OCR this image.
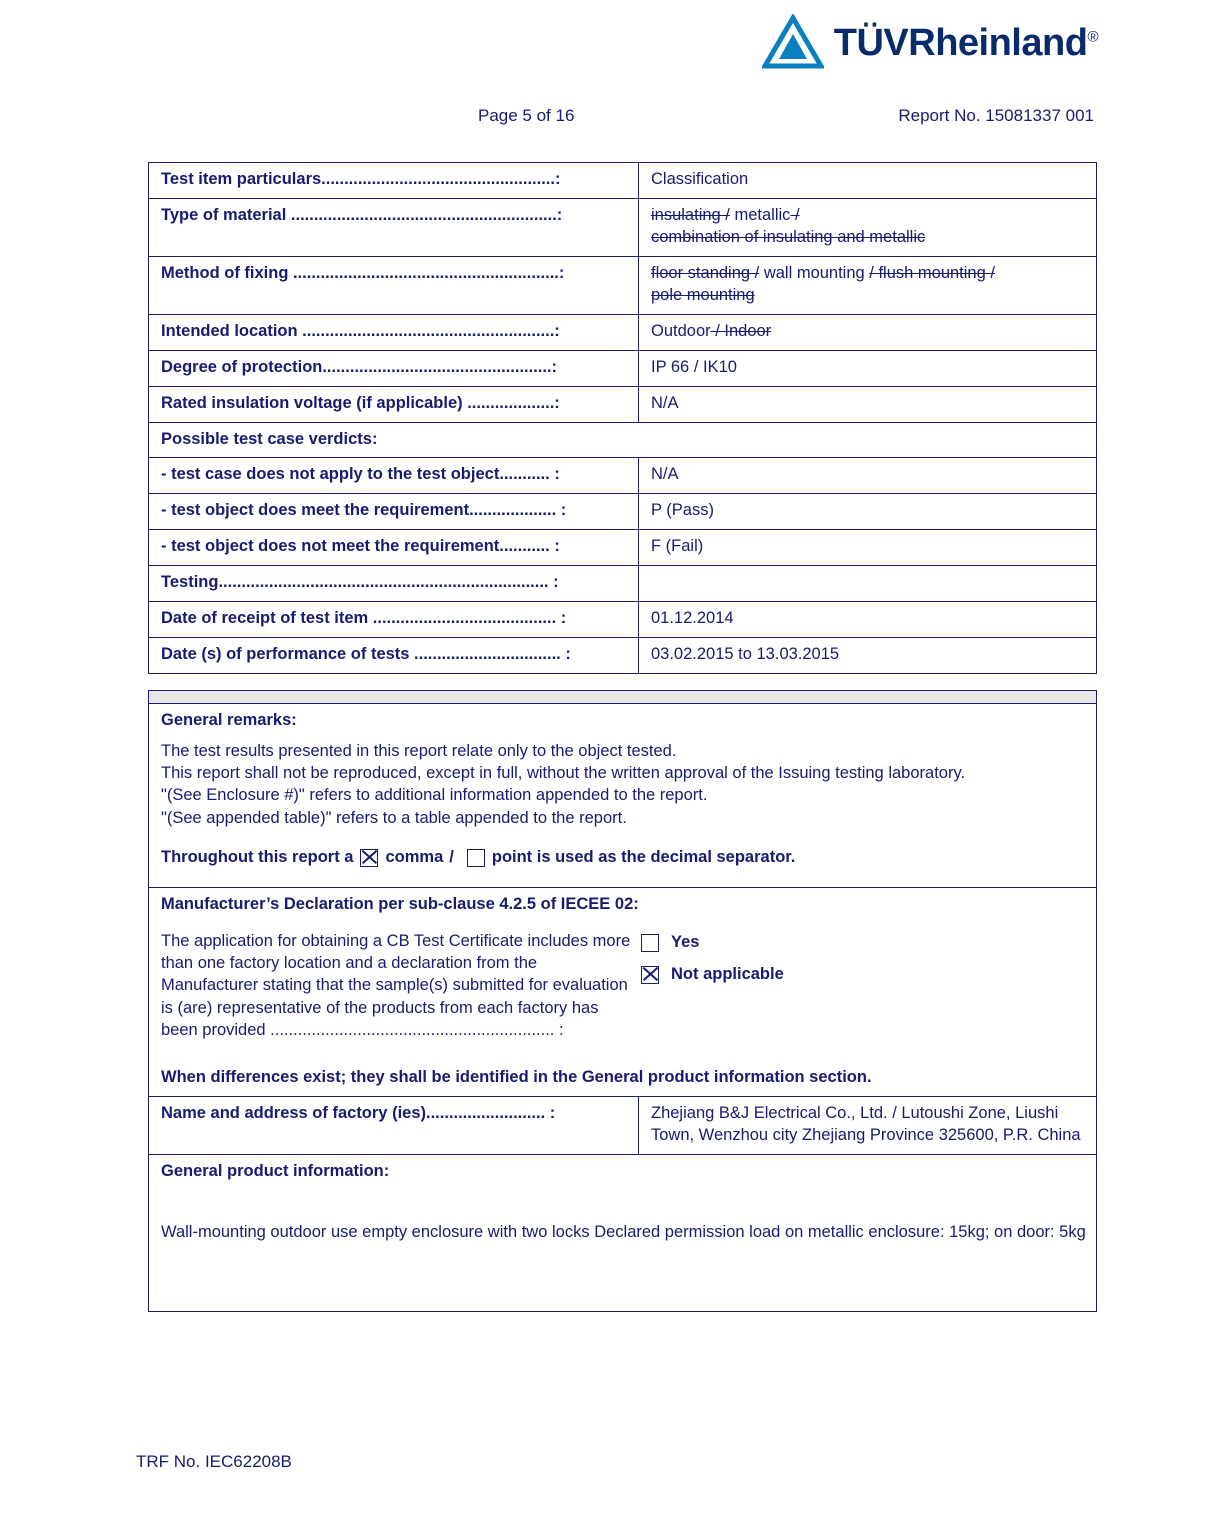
TÜVRheinland®
Page 5 of 16	Report No. 15081337 001
Test item particulars...................................................:	Classification
Type of material ..........................................................:	insulating / metallic /
combination of insulating and metallic
Method of fixing ..........................................................:	floor standing / wall mounting / flush mounting /
pole mounting
Intended location .......................................................:	Outdoor / Indoor
Degree of protection..................................................:	IP 66 / IK10
Rated insulation voltage (if applicable) ...................:	N/A
Possible test case verdicts:	
- test case does not apply to the test object........... :	N/A
- test object does meet the requirement................... :	P (Pass)
- test object does not meet the requirement........... :	F (Fail)
Testing........................................................................ :	
Date of receipt of test item ........................................ :	01.12.2014
Date (s) of performance of tests ................................ :	03.02.2015 to 13.03.2015

General remarks:
The test results presented in this report relate only to the object tested.
This report shall not be reproduced, except in full, without the written approval of the Issuing testing laboratory.
"(See Enclosure #)" refers to additional information appended to the report.
"(See appended table)" refers to a table appended to the report.
Throughout this report a comma / point is used as the decimal separator.

Manufacturer’s Declaration per sub-clause 4.2.5 of IECEE 02:
The application for obtaining a CB Test Certificate includes more than one factory location and a declaration from the Manufacturer stating that the sample(s) submitted for evaluation is (are) representative of the products from each factory has been provided .............................................................. :
Yes
Not applicable
When differences exist; they shall be identified in the General product information section.

Name and address of factory (ies).......................... :	Zhejiang B&J Electrical Co., Ltd. / Lutoushi Zone, Liushi Town, Wenzhou city Zhejiang Province 325600, P.R. China

General product information:
Wall-mounting outdoor use empty enclosure with two locks Declared permission load on metallic enclosure: 15kg; on door: 5kg
TRF No. IEC62208B
